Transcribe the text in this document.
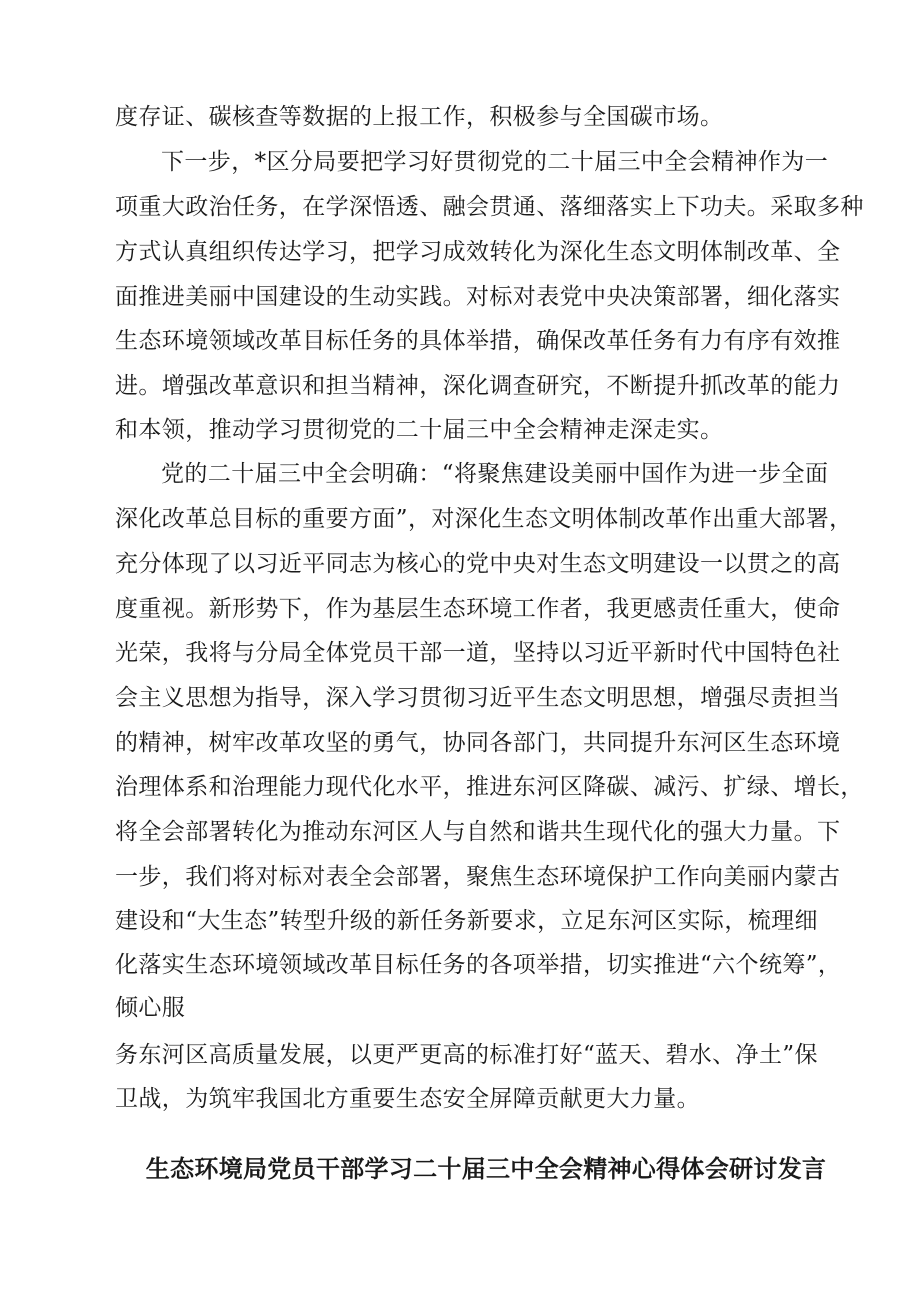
度存证、碳核查等数据的上报工作，积极参与全国碳市场。
下一步，*区分局要把学习好贯彻党的二十届三中全会精神作为一
项重大政治任务，在学深悟透、融会贯通、落细落实上下功夫。采取多种
方式认真组织传达学习，把学习成效转化为深化生态文明体制改革、全
面推进美丽中国建设的生动实践。对标对表党中央决策部署，细化落实
生态环境领域改革目标任务的具体举措，确保改革任务有力有序有效推
进。增强改革意识和担当精神，深化调查研究，不断提升抓改革的能力
和本领，推动学习贯彻党的二十届三中全会精神走深走实。
党的二十届三中全会明确：“将聚焦建设美丽中国作为进一步全面
深化改革总目标的重要方面”，对深化生态文明体制改革作出重大部署，
充分体现了以习近平同志为核心的党中央对生态文明建设一以贯之的高
度重视。新形势下，作为基层生态环境工作者，我更感责任重大，使命
光荣，我将与分局全体党员干部一道，坚持以习近平新时代中国特色社
会主义思想为指导，深入学习贯彻习近平生态文明思想，增强尽责担当
的精神，树牢改革攻坚的勇气，协同各部门，共同提升东河区生态环境
治理体系和治理能力现代化水平，推进东河区降碳、减污、扩绿、增长，
将全会部署转化为推动东河区人与自然和谐共生现代化的强大力量。下
一步，我们将对标对表全会部署，聚焦生态环境保护工作向美丽内蒙古
建设和“大生态”转型升级的新任务新要求，立足东河区实际，梳理细
化落实生态环境领域改革目标任务的各项举措，切实推进“六个统筹”，
倾心服
务东河区高质量发展，以更严更高的标准打好“蓝天、碧水、净土”保
卫战，为筑牢我国北方重要生态安全屏障贡献更大力量。
生态环境局党员干部学习二十届三中全会精神心得体会研讨发言
